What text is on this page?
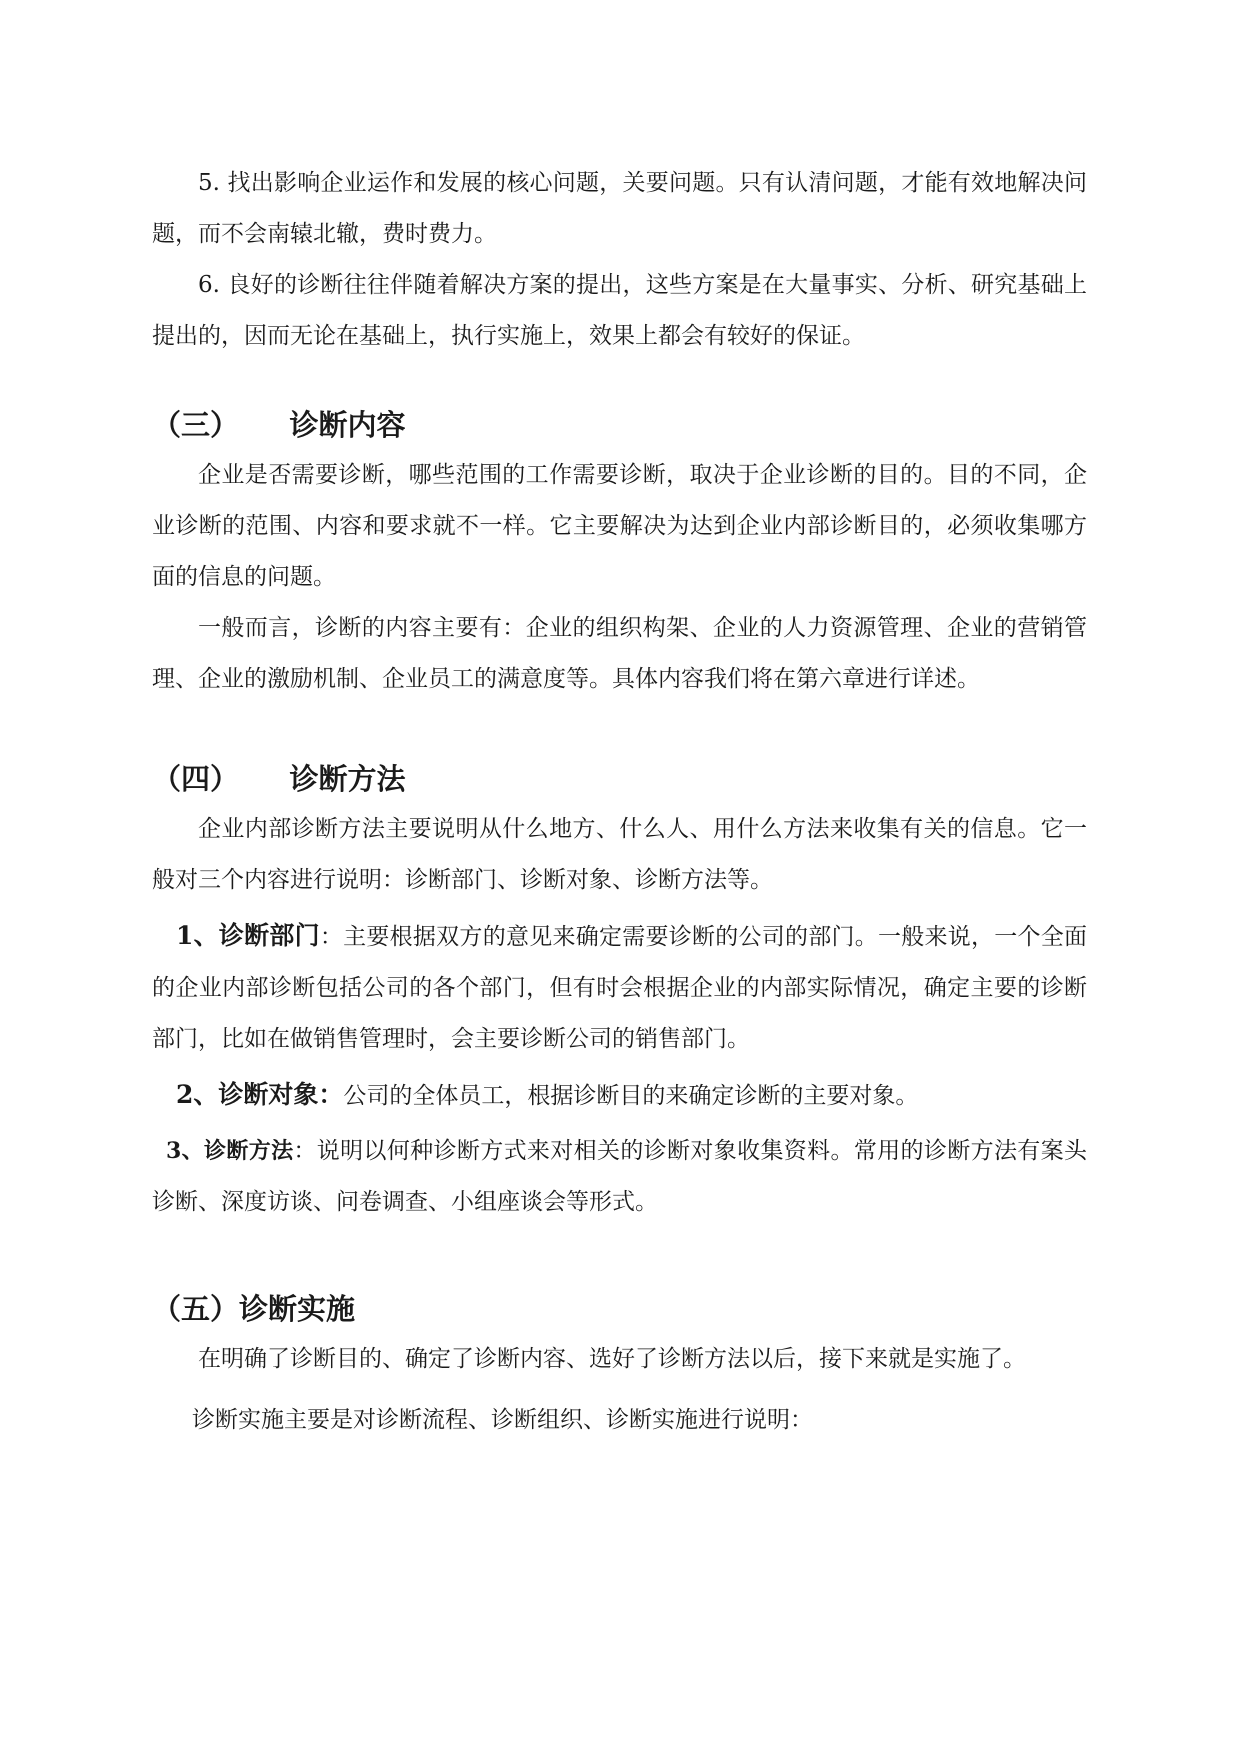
5. 找出影响企业运作和发展的核心问题，关要问题。只有认清问题，才能有效地解决问题，而不会南辕北辙，费时费力。

6. 良好的诊断往往伴随着解决方案的提出，这些方案是在大量事实、分析、研究基础上提出的，因而无论在基础上，执行实施上，效果上都会有较好的保证。

（三）     诊断内容

企业是否需要诊断，哪些范围的工作需要诊断，取决于企业诊断的目的。目的不同，企业诊断的范围、内容和要求就不一样。它主要解决为达到企业内部诊断目的，必须收集哪方面的信息的问题。

一般而言，诊断的内容主要有：企业的组织构架、企业的人力资源管理、企业的营销管理、企业的激励机制、企业员工的满意度等。具体内容我们将在第六章进行详述。

（四）     诊断方法

企业内部诊断方法主要说明从什么地方、什么人、用什么方法来收集有关的信息。它一般对三个内容进行说明：诊断部门、诊断对象、诊断方法等。

1、诊断部门：主要根据双方的意见来确定需要诊断的公司的部门。一般来说，一个全面的企业内部诊断包括公司的各个部门，但有时会根据企业的内部实际情况，确定主要的诊断部门，比如在做销售管理时，会主要诊断公司的销售部门。

2、诊断对象：公司的全体员工，根据诊断目的来确定诊断的主要对象。

3、诊断方法：说明以何种诊断方式来对相关的诊断对象收集资料。常用的诊断方法有案头诊断、深度访谈、问卷调查、小组座谈会等形式。

（五）诊断实施

在明确了诊断目的、确定了诊断内容、选好了诊断方法以后，接下来就是实施了。

诊断实施主要是对诊断流程、诊断组织、诊断实施进行说明：
